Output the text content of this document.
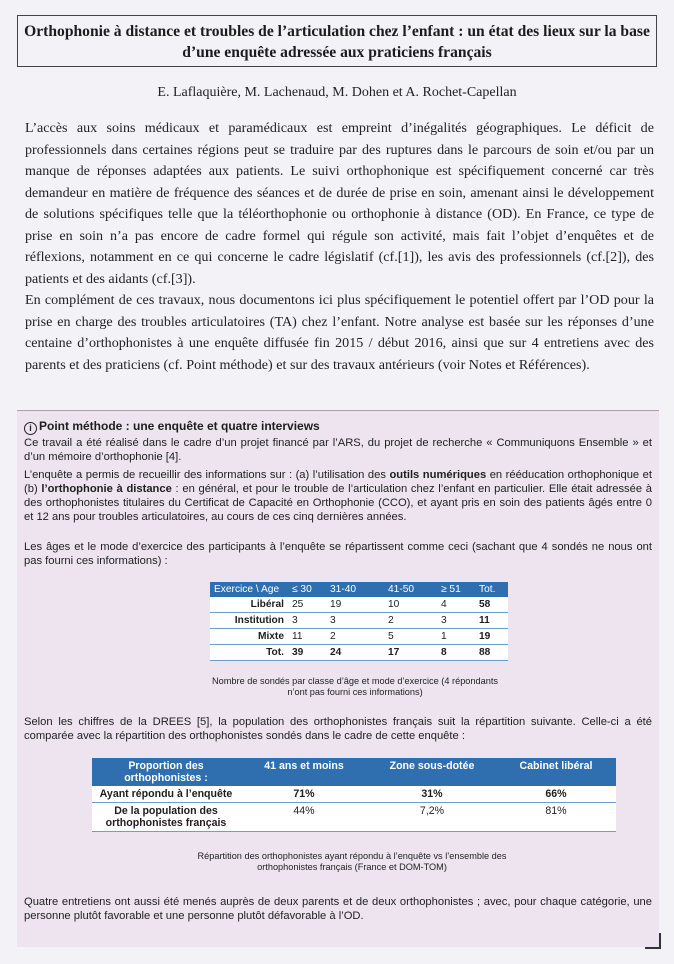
Orthophonie à distance et troubles de l’articulation chez l’enfant : un état des lieux sur la base d’une enquête adressée aux praticiens français
E. Laflaquière, M. Lachenaud, M. Dohen et A. Rochet-Capellan
L’accès aux soins médicaux et paramédicaux est empreint d’inégalités géographiques. Le déficit de professionnels dans certaines régions peut se traduire par des ruptures dans le parcours de soin et/ou par un manque de réponses adaptées aux patients. Le suivi orthophonique est spécifiquement concerné car très demandeur en matière de fréquence des séances et de durée de prise en soin, amenant ainsi le développement de solutions spécifiques telle que la téléorthophonie ou orthophonie à distance (OD). En France, ce type de prise en soin n’a pas encore de cadre formel qui régule son activité, mais fait l’objet d’enquêtes et de réflexions, notamment en ce qui concerne le cadre législatif (cf.[1]), les avis des professionnels (cf.[2]), des patients et des aidants (cf.[3]).
En complément de ces travaux, nous documentons ici plus spécifiquement le potentiel offert par l’OD pour la prise en charge des troubles articulatoires (TA) chez l’enfant. Notre analyse est basée sur les réponses d’une centaine d’orthophonistes à une enquête diffusée fin 2015 / début 2016, ainsi que sur 4 entretiens avec des parents et des praticiens (cf. Point méthode) et sur des travaux antérieurs (voir Notes et Références).
i Point méthode : une enquête et quatre interviews
Ce travail a été réalisé dans le cadre d’un projet financé par l’ARS, du projet de recherche « Communiquons Ensemble » et d’un mémoire d’orthophonie [4].
L’enquête a permis de recueillir des informations sur : (a) l’utilisation des outils numériques en rééducation orthophonique et (b) l’orthophonie à distance : en général, et pour le trouble de l’articulation chez l’enfant en particulier. Elle était adressée à des orthophonistes titulaires du Certificat de Capacité en Orthophonie (CCO), et ayant pris en soin des patients âgés entre 0 et 12 ans pour troubles articulatoires, au cours de ces cinq dernières années.
Les âges et le mode d’exercice des participants à l’enquête se répartissent comme ceci (sachant que 4 sondés ne nous ont pas fourni ces informations) :
Exercice \ Age	≤ 30	31-40	41-50	≥ 51	Tot.
Libéral	25	19	10	4	58
Institution	3	3	2	3	11
Mixte	11	2	5	1	19
Tot.	39	24	17	8	88
Nombre de sondés par classe d’âge et mode d’exercice (4 répondants n’ont pas fourni ces informations)
Selon les chiffres de la DREES [5], la population des orthophonistes français suit la répartition suivante. Celle-ci a été comparée avec la répartition des orthophonistes sondés dans le cadre de cette enquête :
Proportion des orthophonistes :	41 ans et moins	Zone sous-dotée	Cabinet libéral
Ayant répondu à l’enquête	71%	31%	66%
De la population des orthophonistes français	44%	7,2%	81%
Répartition des orthophonistes ayant répondu à l’enquête vs l’ensemble des orthophonistes français (France et DOM-TOM)
Quatre entretiens ont aussi été menés auprès de deux parents et de deux orthophonistes ; avec, pour chaque catégorie, une personne plutôt favorable et une personne plutôt défavorable à l’OD.
